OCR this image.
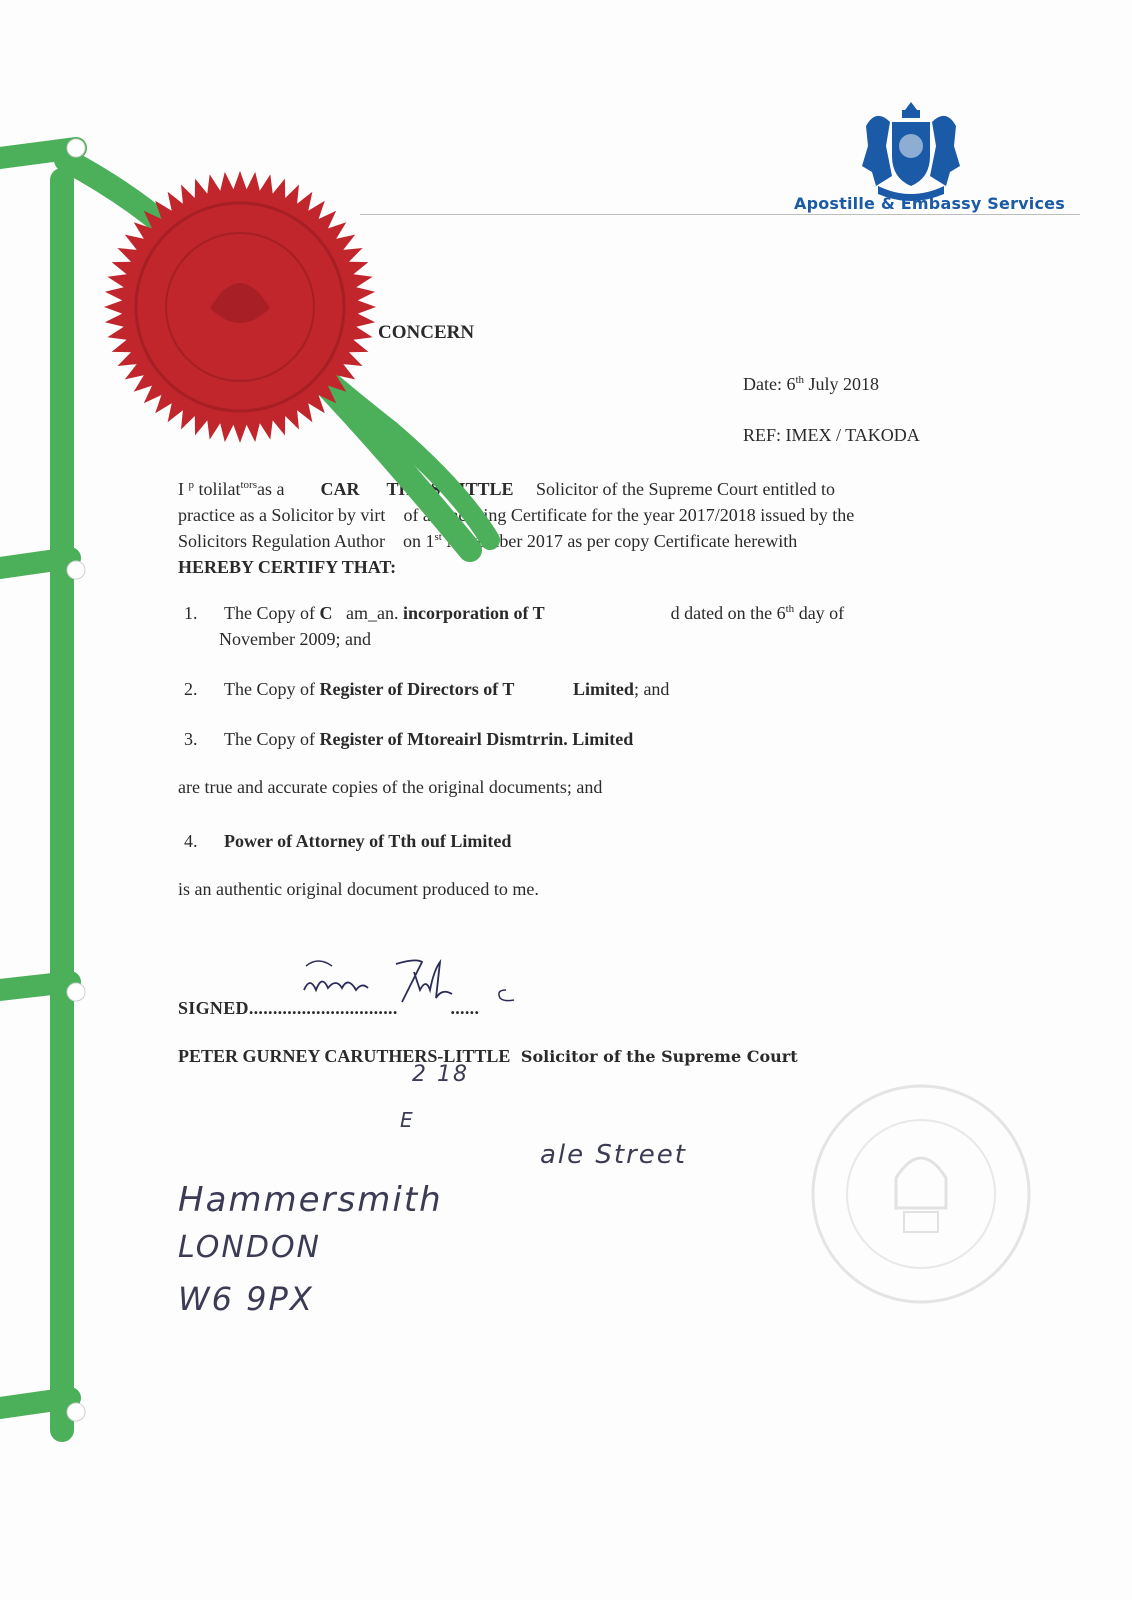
Apostille & Embassy Services
CONCERN
Date: 6th July 2018
REF: IMEX / TAKODA
I $^p$ tolilat$^{tors}$as a CAR TH S-LITTLE Solicitor of the Supreme Court entitled to
practice as a Solicitor by virt of a ractising Certificate for the year 2017/2018 issued by the
Solicitors Regulation Author on 1st November 2017 as per copy Certificate herewith
HEREBY CERTIFY THAT:
1. The Copy of C am_an. incorporation of T	d dated on the 6th day of
November 2009; and
2. The Copy of Register of Directors of T	Limited; and
3. The Copy of Register of Mtoreairl Dismtrrin. Limited
are true and accurate copies of the original documents; and
4. Power of Attorney of Tth ouf Limited
is an authentic original document produced to me.
SIGNED...............................	......
PETER GURNEY CARUTHERS-LITTLE Solicitor of the Supreme Court
2 18
E
ale Street
Hammersmith
LONDON
W6 9PX
